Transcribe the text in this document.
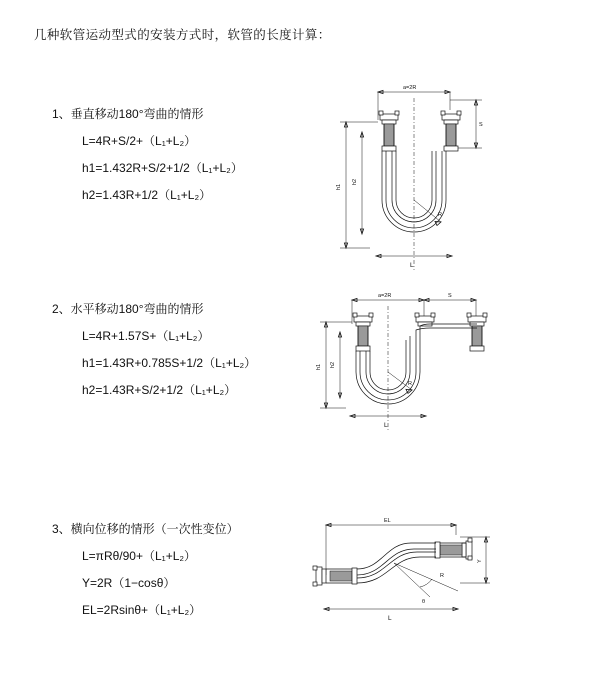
几种软管运动型式的安装方式时，软管的长度计算：
1、垂直移动180°弯曲的情形
L=4R+S/2+（L₁+L₂）
h1=1.432R+S/2+1/2（L₁+L₂）
h2=1.43R+1/2（L₁+L₂）
a=2R
S
h1
h2
R
L
2、水平移动180°弯曲的情形
L=4R+1.57S+（L₁+L₂）
h1=1.43R+0.785S+1/2（L₁+L₂）
h2=1.43R+S/2+1/2（L₁+L₂）
a=2R	S
h1 h2
R
L
3、横向位移的情形（一次性变位）
L=πRθ/90+（L₁+L₂）
Y=2R（1−cosθ）
EL=2Rsinθ+（L₁+L₂）
EL
Y
θ
R
L
